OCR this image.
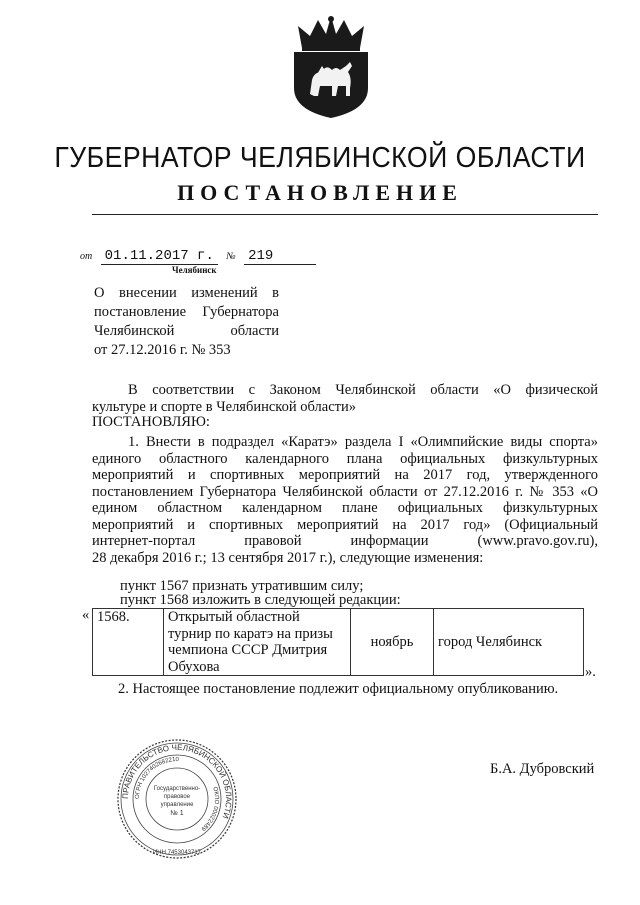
ГУБЕРНАТОР ЧЕЛЯБИНСКОЙ ОБЛАСТИ
ПОСТАНОВЛЕНИЕ
от 01.11.2017 г. № 219
Челябинск
О внесении изменений в
постановление Губернатора
Челябинской области
от 27.12.2016 г. № 353
В соответствии с Законом Челябинской области «О физической
культуре и спорте в Челябинской области»
ПОСТАНОВЛЯЮ:
1. Внести в подраздел «Каратэ» раздела I «Олимпийские виды спорта»
единого областного календарного плана официальных физкультурных
мероприятий и спортивных мероприятий на 2017 год, утвержденного
постановлением Губернатора Челябинской области от 27.12.2016 г. № 353 «О
едином областном календарном плане официальных физкультурных
мероприятий и спортивных мероприятий на 2017 год» (Официальный
интернет-портал правовой информации (www.pravo.gov.ru),
28 декабря 2016 г.; 13 сентября 2017 г.), следующие изменения:
пункт 1567 признать утратившим силу;
пункт 1568 изложить в следующей редакции:
« 1568.	Открытый областной турнир по каратэ на призы чемпиона СССР Дмитрия Обухова	ноябрь	город Челябинск
».
2. Настоящее постановление подлежит официальному опубликованию.
ПРАВИТЕЛЬСТВО ЧЕЛЯБИНСКОЙ ОБЛАСТИ
ОГРН 1027402682210
ОКПО 00022489
ИНН 7453043717
Государственно-
правовое
управление
№ 1
Б.А. Дубровский
